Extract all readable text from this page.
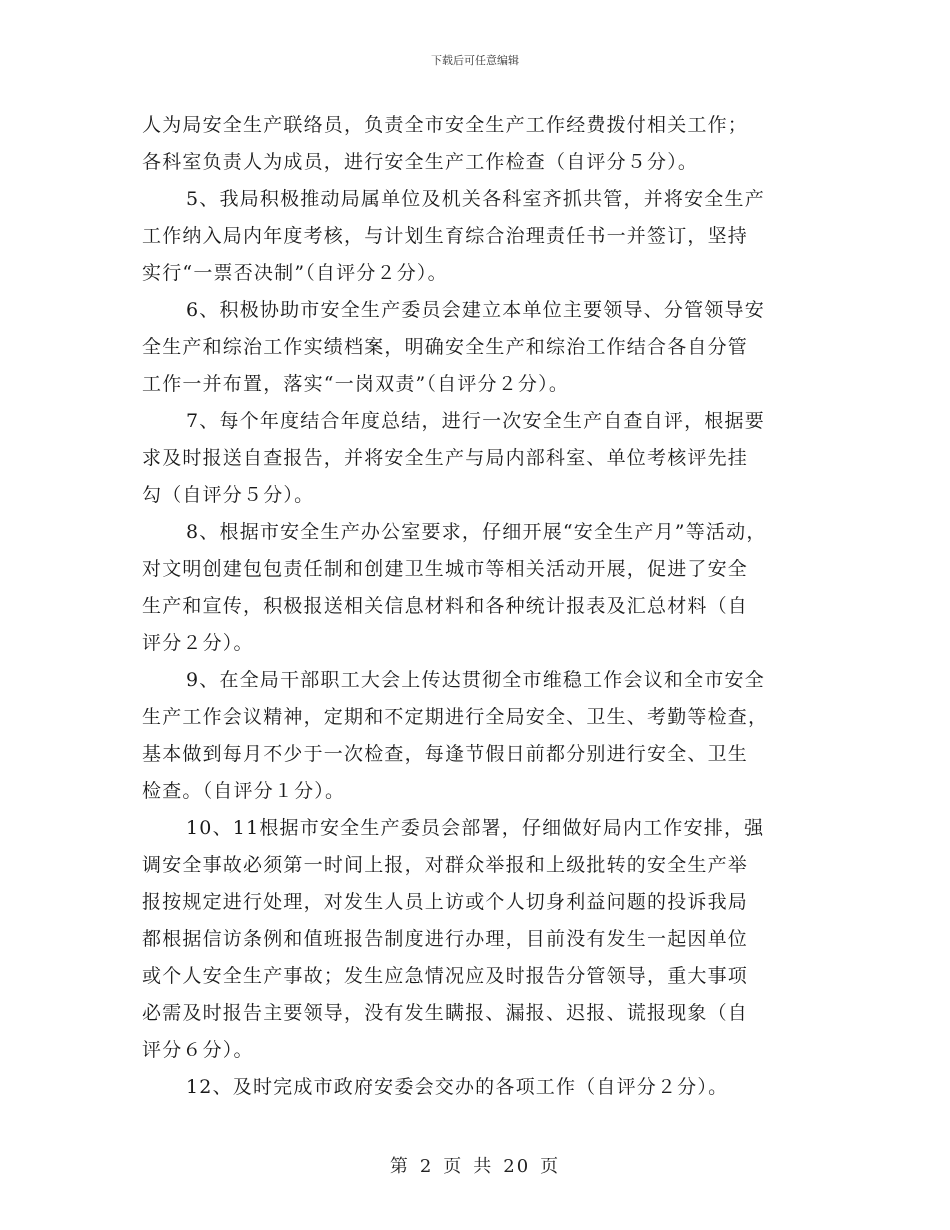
下载后可任意编辑
人为局安全生产联络员，负责全市安全生产工作经费拨付相关工作；
各科室负责人为成员，进行安全生产工作检查（自评分５分）。
5、我局积极推动局属单位及机关各科室齐抓共管，并将安全生产
工作纳入局内年度考核，与计划生育综合治理责任书一并签订，坚持
实行“一票否决制”（自评分２分）。
6、积极协助市安全生产委员会建立本单位主要领导、分管领导安
全生产和综治工作实绩档案，明确安全生产和综治工作结合各自分管
工作一并布置，落实“一岗双责”（自评分２分）。
7、每个年度结合年度总结，进行一次安全生产自查自评，根据要
求及时报送自查报告，并将安全生产与局内部科室、单位考核评先挂
勾（自评分５分）。
8、根据市安全生产办公室要求，仔细开展“安全生产月”等活动，
对文明创建包包责任制和创建卫生城市等相关活动开展，促进了安全
生产和宣传，积极报送相关信息材料和各种统计报表及汇总材料（自
评分２分）。
9、在全局干部职工大会上传达贯彻全市维稳工作会议和全市安全
生产工作会议精神，定期和不定期进行全局安全、卫生、考勤等检查，
基本做到每月不少于一次检查，每逢节假日前都分别进行安全、卫生
检查。（自评分１分）。
10、11根据市安全生产委员会部署，仔细做好局内工作安排，强
调安全事故必须第一时间上报，对群众举报和上级批转的安全生产举
报按规定进行处理，对发生人员上访或个人切身利益问题的投诉我局
都根据信访条例和值班报告制度进行办理，目前没有发生一起因单位
或个人安全生产事故；发生应急情况应及时报告分管领导，重大事项
必需及时报告主要领导，没有发生瞒报、漏报、迟报、谎报现象（自
评分６分）。
12、及时完成市政府安委会交办的各项工作（自评分２分）。
第 2 页 共 20 页
